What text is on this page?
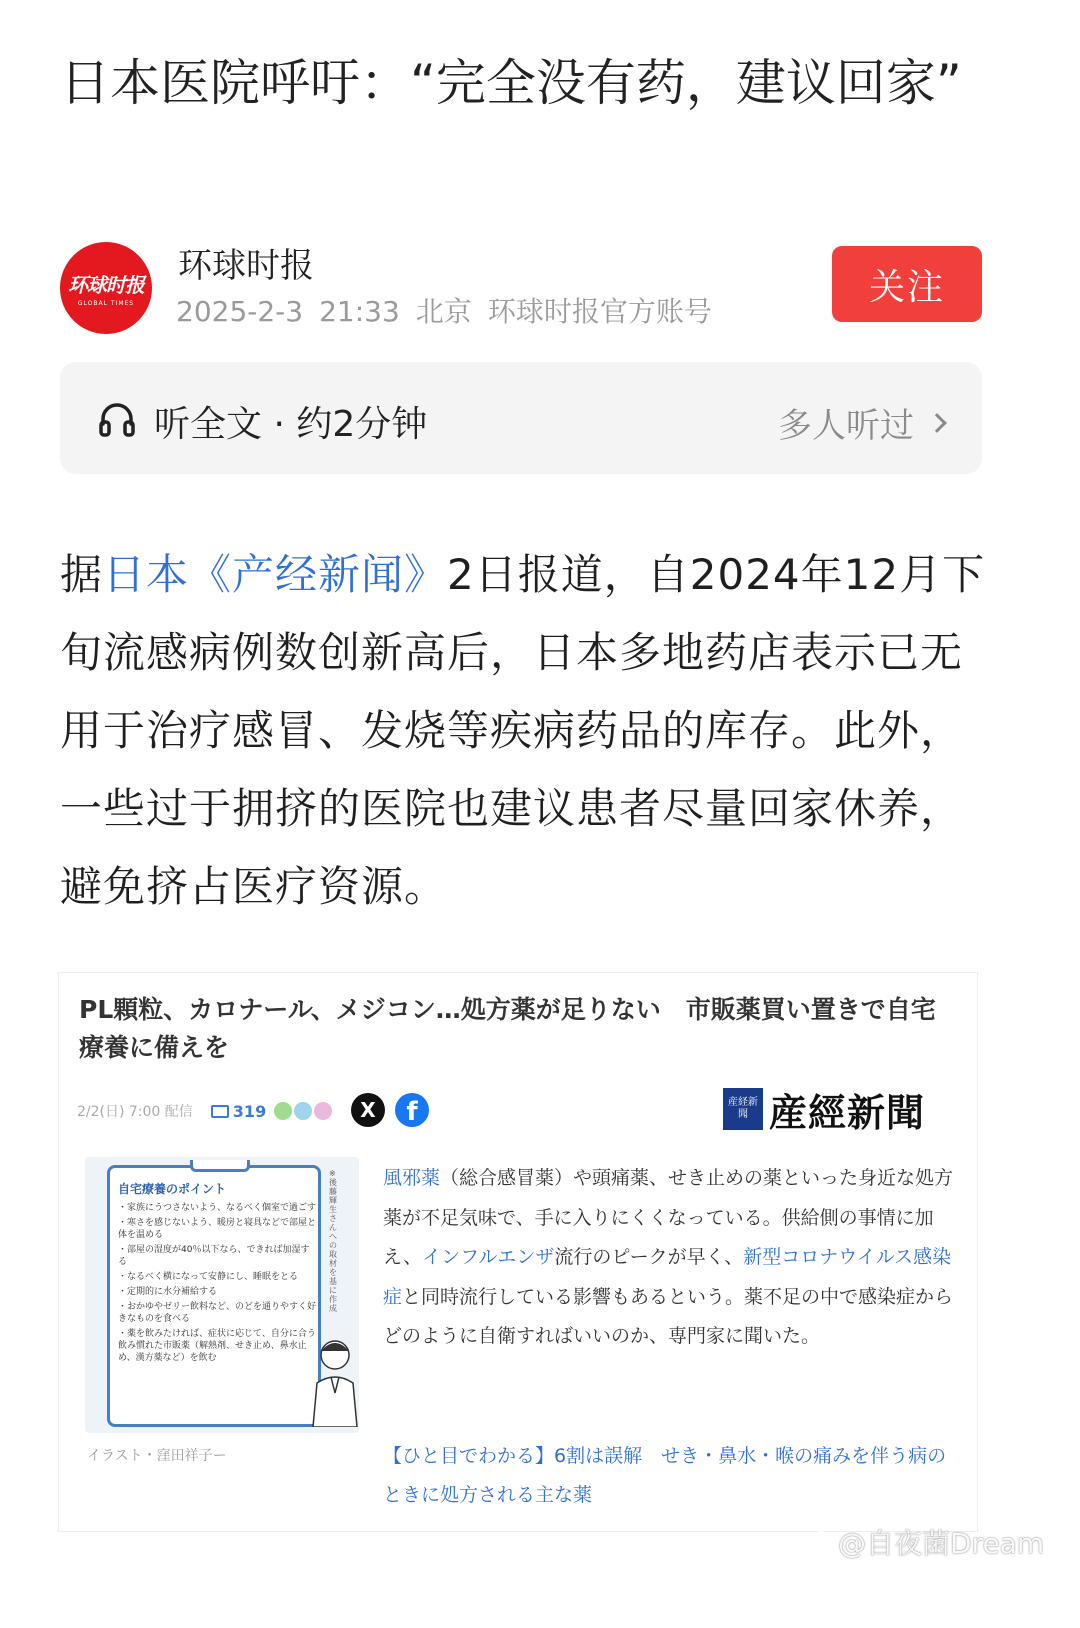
日本医院呼吁：“完全没有药，建议回家”
环球时报
GLOBAL TIMES
环球时报
2025-2-3 21:33 北京 环球时报官方账号
关注
听全文 · 约2分钟	多人听过

据日本《产经新闻》2日报道，自2024年12月下旬流感病例数创新高后，日本多地药店表示已无用于治疗感冒、发烧等疾病药品的库存。此外，一些过于拥挤的医院也建议患者尽量回家休养，避免挤占医疗资源。

PL顆粒、カロナール、メジコン…処方薬が足りない　市販薬買い置きで自宅療養に備えを
2/2(日) 7:00 配信	319	X	f	産経新聞 産經新聞
自宅療養のポイント
・家族にうつさないよう、なるべく個室で過ごす
・寒さを感じないよう、暖房と寝具などで部屋と体を温める
・部屋の湿度が40％以下なら、できれば加湿する
・なるべく横になって安静にし、睡眠をとる
・定期的に水分補給する
・おかゆやゼリー飲料など、のどを通りやすく好きなものを食べる
・薬を飲みたければ、症状に応じて、自分に合う飲み慣れた市販薬（解熱剤、せき止め、鼻水止め、漢方薬など）を飲む
※後藤輝生さんへの取材を基に作成
イラスト・窪田祥子ー

風邪薬（総合感冒薬）や頭痛薬、せき止めの薬といった身近な処方薬が不足気味で、手に入りにくくなっている。供給側の事情に加え、インフルエンザ流行のピークが早く、新型コロナウイルス感染症と同時流行している影響もあるという。薬不足の中で感染症からどのように自衛すればいいのか、専門家に聞いた。

【ひと目でわかる】6割は誤解　せき・鼻水・喉の痛みを伴う病のときに処方される主な薬
@自夜菌Dream
